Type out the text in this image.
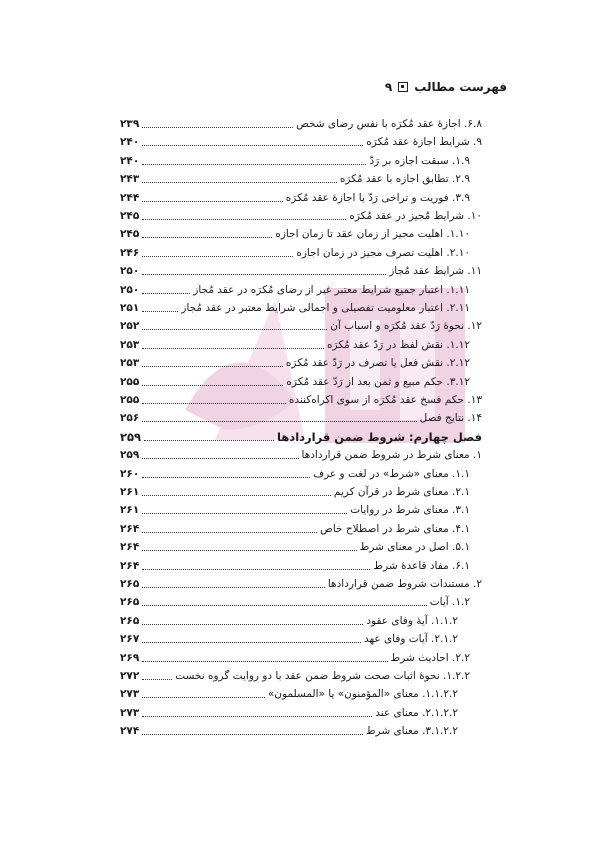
فهرست مطالب
۹
۶.۸. اجازهٔ عقد مُکرَه با نفس رضای شخص
۲۳۹
۹. شرایط اجازهٔ عقد مُکرَه
۲۴۰
۱.۹. سبقت اجازه بر رَدّ
۲۴۰
۲.۹. تطابق اجازه با عقد مُکرَه
۲۴۳
۳.۹. فوریت و تراخی رَدّ یا اجازهٔ عقد مُکرَه
۲۴۴
۱۰. شرایط مُجیز در عقد مُکرَه
۲۴۵
۱.۱۰. اهلیت مجیز از زمان عقد تا زمان اجازه
۲۴۵
۲.۱۰. اهلیت تصرف مجیز در زمان اجازه
۲۴۶
۱۱. شرایط عقد مُجاز
۲۵۰
۱.۱۱. اعتبار جمیع شرایط معتبر غیر از رضای مُکرَه در عقد مُجاز
۲۵۰
۲.۱۱. اعتبار معلومیت تفصیلی و اجمالی شرایط معتبر در عقد مُجاز
۲۵۱
۱۲. نحوهٔ رَدّ عقد مُکرَه و اسباب آن
۲۵۲
۱.۱۲. نقش لفظ در رَدّ عقد مُکرَه
۲۵۳
۲.۱۲. نقش فعل یا تصرف در رَدّ عقد مُکرَه
۲۵۳
۳.۱۲. حکم مبیع و ثمن بعد از رَدّ عقد مُکرَه
۲۵۵
۱۳. حکم فسخ عقد مُکرَه از سوی اکراه‌کننده
۲۵۵
۱۴. نتایج فصل
۲۵۶
فصل چهارم: شروط ضمن قراردادها
۲۵۹
۱. معنای شرط در شروط ضمن قراردادها
۲۵۹
۱.۱. معنای «شرط» در لغت و عرف
۲۶۰
۲.۱. معنای شرط در قرآن کریم
۲۶۱
۳.۱. معنای شرط در روایات
۲۶۱
۴.۱. معنای شرط در اصطلاح خاص
۲۶۴
۵.۱. اصل در معنای شرط
۲۶۴
۶.۱. مفاد قاعدهٔ شرط
۲۶۴
۲. مستندات شروط ضمن قراردادها
۲۶۵
۱.۲. آیات
۲۶۵
۱.۱.۲. آیهٔ وفای عقود
۲۶۵
۲.۱.۲. آیات وفای عهد
۲۶۷
۲.۲. احادیث شرط
۲۶۹
۱.۲.۲. نحوهٔ اثبات صحت شروط ضمن عقد با دو روایت گروه نخست
۲۷۲
۱.۱.۲.۲. معنای «المؤمنون» یا «المسلمون»
۲۷۳
۲.۱.۲.۲. معنای عند
۲۷۳
۳.۱.۲.۲. معنای شرط
۲۷۴
